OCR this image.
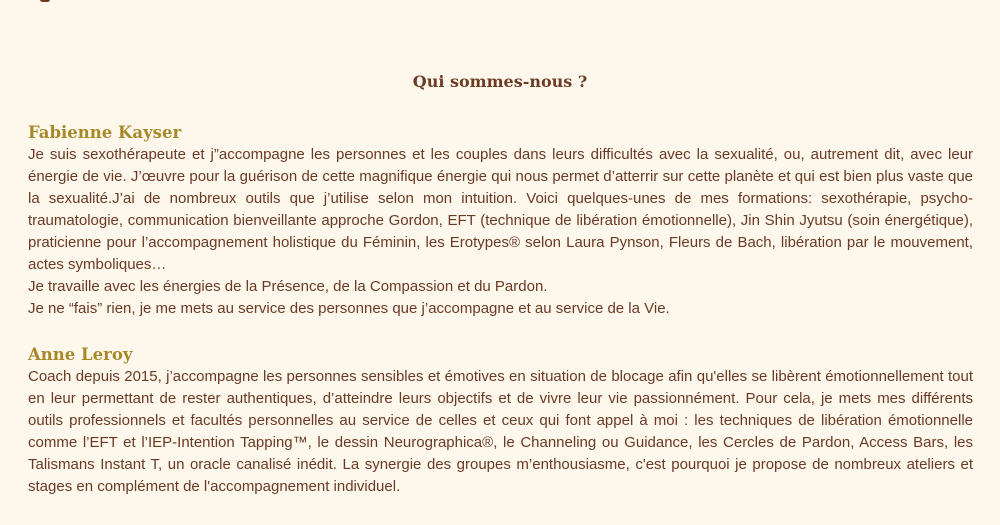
Qui sommes-nous ?
Fabienne Kayser

Je suis sexothérapeute et j”accompagne les personnes et les couples dans leurs difficultés avec la sexualité, ou, autrement dit, avec leur énergie de vie. J’œuvre pour la guérison de cette magnifique énergie qui nous permet d’atterrir sur cette planète et qui est bien plus vaste que la sexualité.J’ai de nombreux outils que j’utilise selon mon intuition. Voici quelques-unes de mes formations: sexothérapie, psycho-traumatologie, communication bienveillante approche Gordon, EFT (technique de libération émotionnelle), Jin Shin Jyutsu (soin énergétique), praticienne pour l’accompagnement holistique du Féminin, les Erotypes® selon Laura Pynson, Fleurs de Bach, libération par le mouvement, actes symboliques…

Je travaille avec les énergies de la Présence, de la Compassion et du Pardon.

Je ne “fais” rien, je me mets au service des personnes que j’accompagne et au service de la Vie.

Anne Leroy

Coach depuis 2015, j’accompagne les personnes sensibles et émotives en situation de blocage afin qu'elles se libèrent émotionnellement tout en leur permettant de rester authentiques, d’atteindre leurs objectifs et de vivre leur vie passionnément. Pour cela, je mets mes différents outils professionnels et facultés personnelles au service de celles et ceux qui font appel à moi : les techniques de libération émotionnelle comme l’EFT et l’IEP-Intention Tapping™, le dessin Neurographica®, le Channeling ou Guidance, les Cercles de Pardon, Access Bars, les Talismans Instant T, un oracle canalisé inédit. La synergie des groupes m’enthousiasme, c'est pourquoi je propose de nombreux ateliers et stages en complément de l'accompagnement individuel.
